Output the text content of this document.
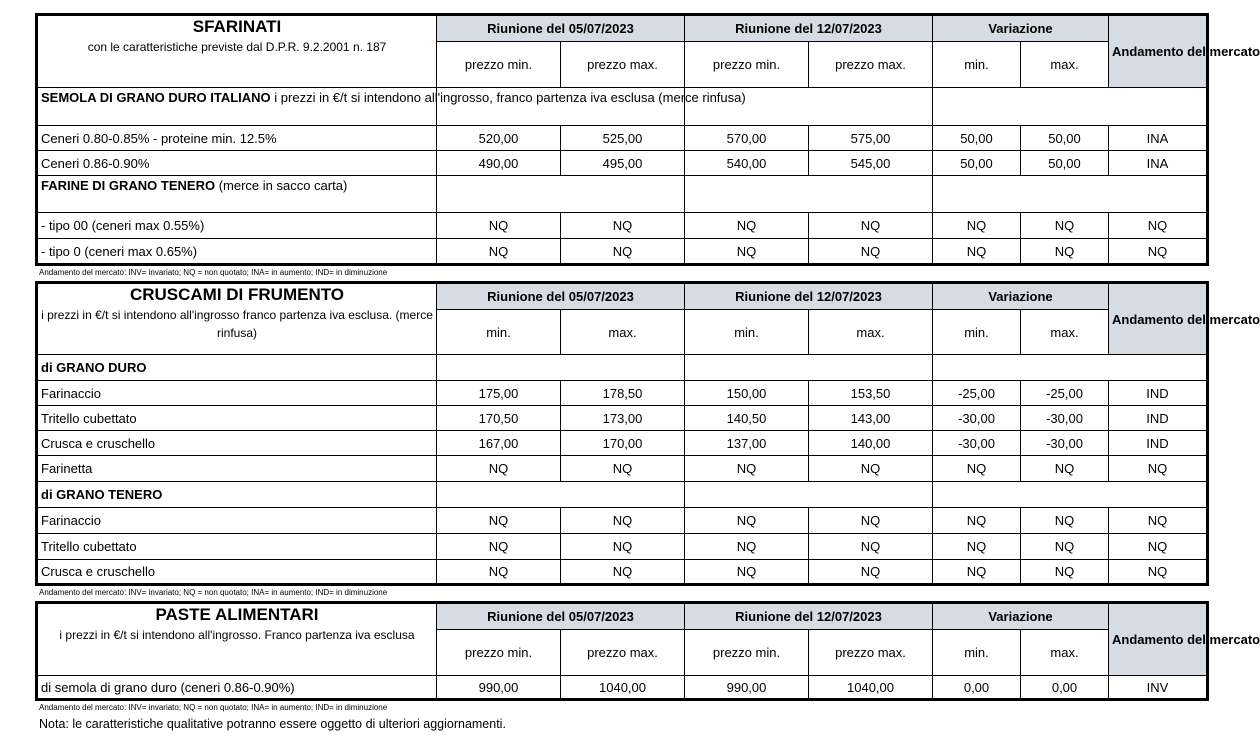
SFARINATI
con le caratteristiche previste dal D.P.R. 9.2.2001 n. 187	Riunione del 05/07/2023		Riunione del 12/07/2023		Variazione		Andamento del mercato
	prezzo min.	prezzo max.	prezzo min.	prezzo max.	min.	max.	
SEMOLA DI GRANO DURO ITALIANO i prezzi in €/t si intendono all'ingrosso, franco partenza iva esclusa (merce rinfusa)							
Ceneri 0.80-0.85% - proteine min. 12.5%	520,00	525,00	570,00	575,00	50,00	50,00	INA
Ceneri 0.86-0.90%	490,00	495,00	540,00	545,00	50,00	50,00	INA
FARINE DI GRANO TENERO (merce in sacco carta)							
- tipo 00 (ceneri max 0.55%)	NQ	NQ	NQ	NQ	NQ	NQ	NQ
- tipo 0 (ceneri max 0.65%)	NQ	NQ	NQ	NQ	NQ	NQ	NQ
Andamento del mercato: INV= invariato; NQ = non quotato; INA= in aumento; IND= in diminuzione
CRUSCAMI DI FRUMENTO
i prezzi in €/t si intendono all'ingrosso franco partenza iva esclusa. (merce rinfusa)	Riunione del 05/07/2023		Riunione del 12/07/2023		Variazione		Andamento del mercato
	min.	max.	min.	max.	min.	max.	
di GRANO DURO							
Farinaccio	175,00	178,50	150,00	153,50	-25,00	-25,00	IND
Tritello cubettato	170,50	173,00	140,50	143,00	-30,00	-30,00	IND
Crusca e cruschello	167,00	170,00	137,00	140,00	-30,00	-30,00	IND
Farinetta	NQ	NQ	NQ	NQ	NQ	NQ	NQ
di GRANO TENERO							
Farinaccio	NQ	NQ	NQ	NQ	NQ	NQ	NQ
Tritello cubettato	NQ	NQ	NQ	NQ	NQ	NQ	NQ
Crusca e cruschello	NQ	NQ	NQ	NQ	NQ	NQ	NQ
Andamento del mercato: INV= invariato; NQ = non quotato; INA= in aumento; IND= in diminuzione
PASTE ALIMENTARI
i prezzi in €/t si intendono all'ingrosso. Franco partenza iva esclusa	Riunione del 05/07/2023		Riunione del 12/07/2023		Variazione		Andamento del mercato
	prezzo min.	prezzo max.	prezzo min.	prezzo max.	min.	max.	
di semola di grano duro (ceneri 0.86-0.90%)	990,00	1040,00	990,00	1040,00	0,00	0,00	INV
Andamento del mercato: INV= invariato; NQ = non quotato; INA= in aumento; IND= in diminuzione
Nota: le caratteristiche qualitative potranno essere oggetto di ulteriori aggiornamenti.
